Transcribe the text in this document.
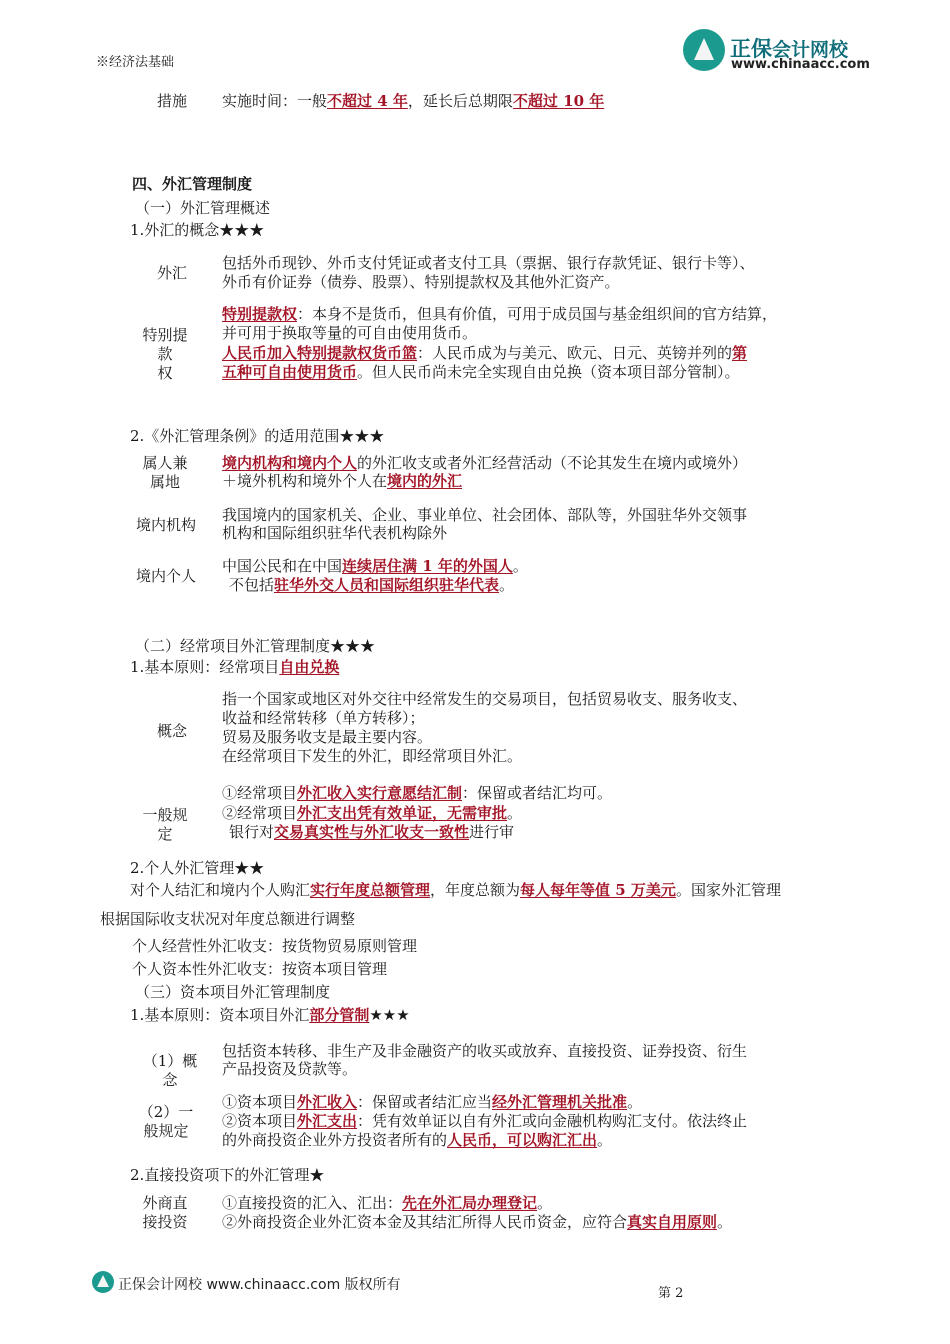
※经济法基础
正保会计网校
www.chinaacc.com
措施	实施时间：一般不超过 4 年，延长后总期限不超过 10 年
四、外汇管理制度
（一）外汇管理概述
1.外汇的概念★★★
外汇
包括外币现钞、外币支付凭证或者支付工具（票据、银行存款凭证、银行卡等）、
外币有价证券（债券、股票）、特别提款权及其他外汇资产。
特别提
款
权
特别提款权：本身不是货币，但具有价值，可用于成员国与基金组织间的官方结算，
并可用于换取等量的可自由使用货币。
人民币加入特别提款权货币篮：人民币成为与美元、欧元、日元、英镑并列的第
五种可自由使用货币。但人民币尚未完全实现自由兑换（资本项目部分管制）。
2.《外汇管理条例》的适用范围★★★
属人兼
属地
境内机构和境内个人的外汇收支或者外汇经营活动（不论其发生在境内或境外）
＋境外机构和境外个人在境内的外汇
境内机构
我国境内的国家机关、企业、事业单位、社会团体、部队等，外国驻华外交领事
机构和国际组织驻华代表机构除外
境内个人
中国公民和在中国连续居住满 1 年的外国人。
不包括驻华外交人员和国际组织驻华代表。
（二）经常项目外汇管理制度★★★
1.基本原则：经常项目自由兑换
概念
指一个国家或地区对外交往中经常发生的交易项目，包括贸易收支、服务收支、
收益和经常转移（单方转移）；
贸易及服务收支是最主要内容。
在经常项目下发生的外汇，即经常项目外汇。
一般规
定
①经常项目外汇收入实行意愿结汇制：保留或者结汇均可。
②经常项目外汇支出凭有效单证，无需审批。
银行对交易真实性与外汇收支一致性进行审
2.个人外汇管理★★
对个人结汇和境内个人购汇实行年度总额管理，年度总额为每人每年等值 5 万美元。国家外汇管理
根据国际收支状况对年度总额进行调整
个人经营性外汇收支：按货物贸易原则管理
个人资本性外汇收支：按资本项目管理
（三）资本项目外汇管理制度
1.基本原则：资本项目外汇部分管制★★★
（1）概
念
包括资本转移、非生产及非金融资产的收买或放弃、直接投资、证券投资、衍生
产品投资及贷款等。
（2）一
般规定
①资本项目外汇收入：保留或者结汇应当经外汇管理机关批准。
②资本项目外汇支出：凭有效单证以自有外汇或向金融机构购汇支付。依法终止
的外商投资企业外方投资者所有的人民币，可以购汇汇出。
2.直接投资项下的外汇管理★
外商直
接投资
①直接投资的汇入、汇出：先在外汇局办理登记。
②外商投资企业外汇资本金及其结汇所得人民币资金，应符合真实自用原则。
正保会计网校 www.chinaacc.com 版权所有
第 2
